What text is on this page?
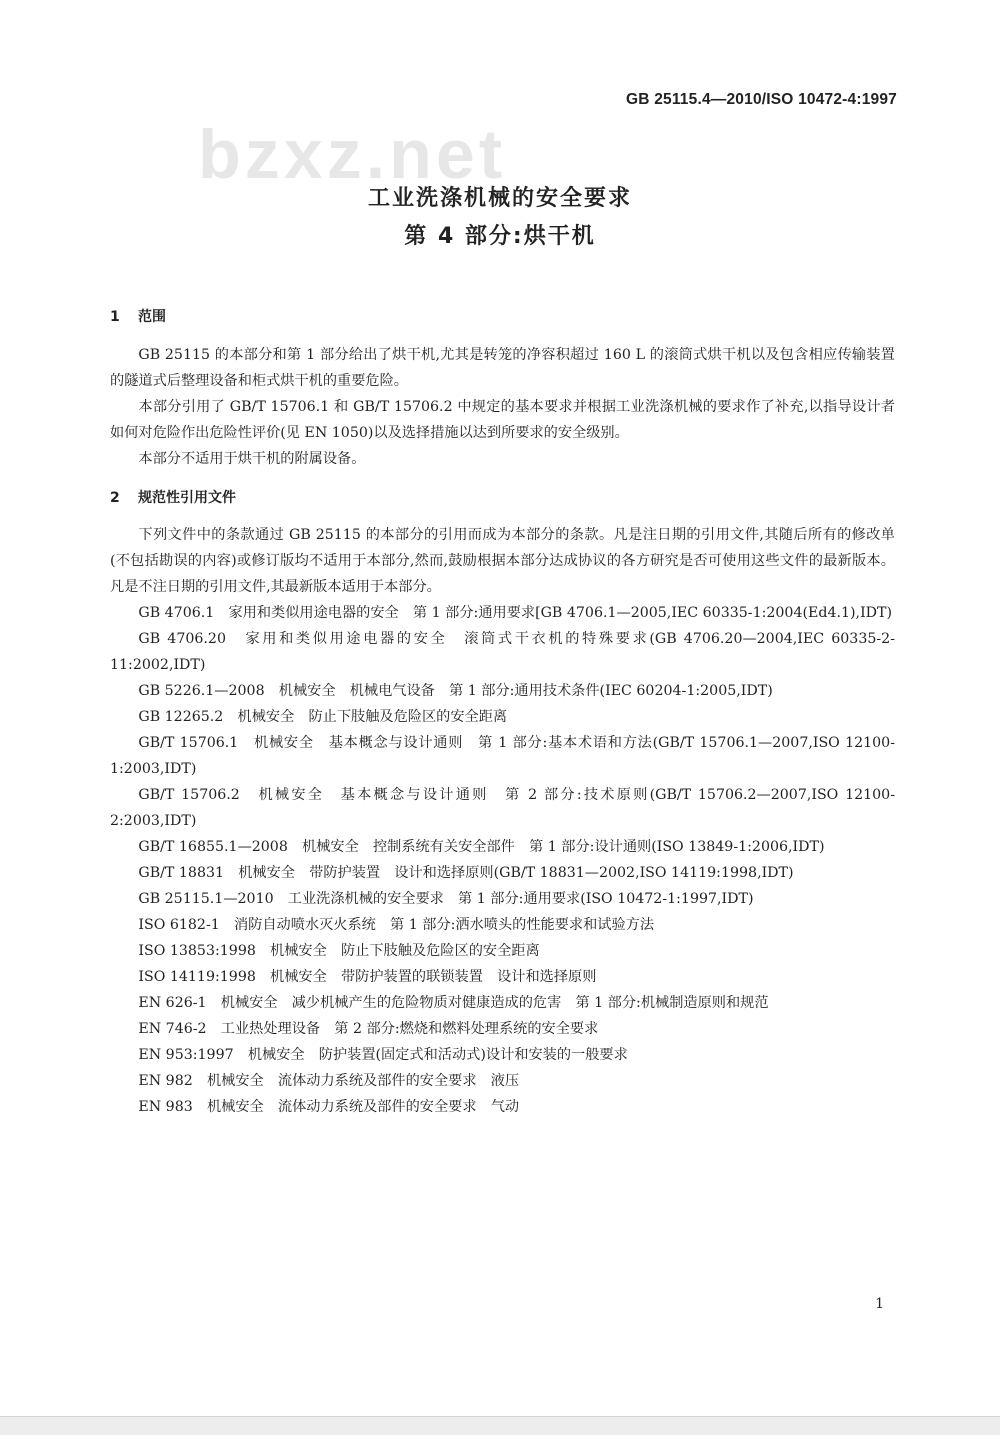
bzxz.net
GB 25115.4—2010/ISO 10472-4:1997
工业洗涤机械的安全要求
第 4 部分:烘干机
1 范围

GB 25115 的本部分和第 1 部分给出了烘干机,尤其是转笼的净容积超过 160 L 的滚筒式烘干机以及包含相应传输装置的隧道式后整理设备和柜式烘干机的重要危险。

本部分引用了 GB/T 15706.1 和 GB/T 15706.2 中规定的基本要求并根据工业洗涤机械的要求作了补充,以指导设计者如何对危险作出危险性评价(见 EN 1050)以及选择措施以达到所要求的安全级别。

本部分不适用于烘干机的附属设备。

2 规范性引用文件

下列文件中的条款通过 GB 25115 的本部分的引用而成为本部分的条款。凡是注日期的引用文件,其随后所有的修改单(不包括勘误的内容)或修订版均不适用于本部分,然而,鼓励根据本部分达成协议的各方研究是否可使用这些文件的最新版本。凡是不注日期的引用文件,其最新版本适用于本部分。

GB 4706.1　家用和类似用途电器的安全　第 1 部分:通用要求[GB 4706.1—2005,IEC 60335-1:2004(Ed4.1),IDT)

GB 4706.20　家用和类似用途电器的安全　滚筒式干衣机的特殊要求(GB 4706.20—2004,IEC 60335-2-11:2002,IDT)

GB 5226.1—2008　机械安全　机械电气设备　第 1 部分:通用技术条件(IEC 60204-1:2005,IDT)

GB 12265.2　机械安全　防止下肢触及危险区的安全距离

GB/T 15706.1　机械安全　基本概念与设计通则　第 1 部分:基本术语和方法(GB/T 15706.1—2007,ISO 12100-1:2003,IDT)

GB/T 15706.2　机械安全　基本概念与设计通则　第 2 部分:技术原则(GB/T 15706.2—2007,ISO 12100-2:2003,IDT)

GB/T 16855.1—2008　机械安全　控制系统有关安全部件　第 1 部分:设计通则(ISO 13849-1:2006,IDT)

GB/T 18831　机械安全　带防护装置　设计和选择原则(GB/T 18831—2002,ISO 14119:1998,IDT)

GB 25115.1—2010　工业洗涤机械的安全要求　第 1 部分:通用要求(ISO 10472-1:1997,IDT)

ISO 6182-1　消防自动喷水灭火系统　第 1 部分:洒水喷头的性能要求和试验方法

ISO 13853:1998　机械安全　防止下肢触及危险区的安全距离

ISO 14119:1998　机械安全　带防护装置的联锁装置　设计和选择原则

EN 626-1　机械安全　减少机械产生的危险物质对健康造成的危害　第 1 部分:机械制造原则和规范

EN 746-2　工业热处理设备　第 2 部分:燃烧和燃料处理系统的安全要求

EN 953:1997　机械安全　防护装置(固定式和活动式)设计和安装的一般要求

EN 982　机械安全　流体动力系统及部件的安全要求　液压

EN 983　机械安全　流体动力系统及部件的安全要求　气动

1
